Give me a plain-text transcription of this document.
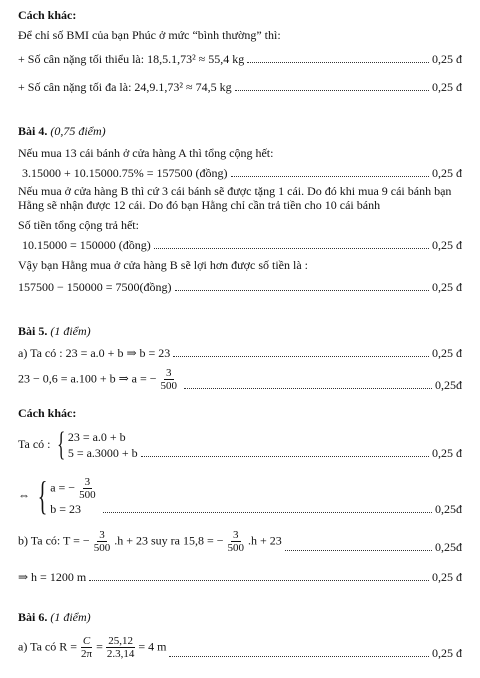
Cách khác:
Để chỉ số BMI của bạn Phúc ở mức “bình thường” thì:
+ Số cân nặng tối thiểu là: 18,5.1,73² ≈ 55,4 kg	0,25 đ
+ Số cân nặng tối đa là: 24,9.1,73² ≈ 74,5 kg	0,25 đ
Bài 4. (0,75 điểm)
Nếu mua 13 cái bánh ở cửa hàng A thì tổng cộng hết:
3.15000 + 10.15000.75% = 157500 (đồng)	0,25 đ
Nếu mua ở cửa hàng B thì cứ 3 cái bánh sẽ được tặng 1 cái. Do đó khi mua 9 cái bánh bạn Hằng sẽ nhận được 12 cái. Do đó bạn Hằng chỉ cần trả tiền cho 10 cái bánh
Số tiền tổng cộng trả hết:
10.15000 = 150000 (đồng)	0,25 đ
Vậy bạn Hằng mua ở cửa hàng B sẽ lợi hơn được số tiền là :
157500 − 150000 = 7500(đồng)	0,25 đ
Bài 5. (1 điểm)
a) Ta có : 23 = a.0 + b ⇒ b = 23	0,25 đ
23 − 0,6 = a.100 + b ⇒ a = − $\frac{3}{500}$	0,25đ
Cách khác:
Ta có : { 23 = a.0 + b
5 = a.3000 + b	0,25 đ
⇔ { a = − $\frac{3}{500}$
b = 23	0,25đ
b) Ta có: T = − $\frac{3}{500} .h + 23$ suy ra 15,8 = − $\frac{3}{500} .h + 23$	0,25đ
⇒ h = 1200 m	0,25 đ
Bài 6. (1 điểm)
a) Ta có $R = \frac{C}{2\pi} = \frac{25,12}{2.3,14} = 4$ m	0,25 đ
